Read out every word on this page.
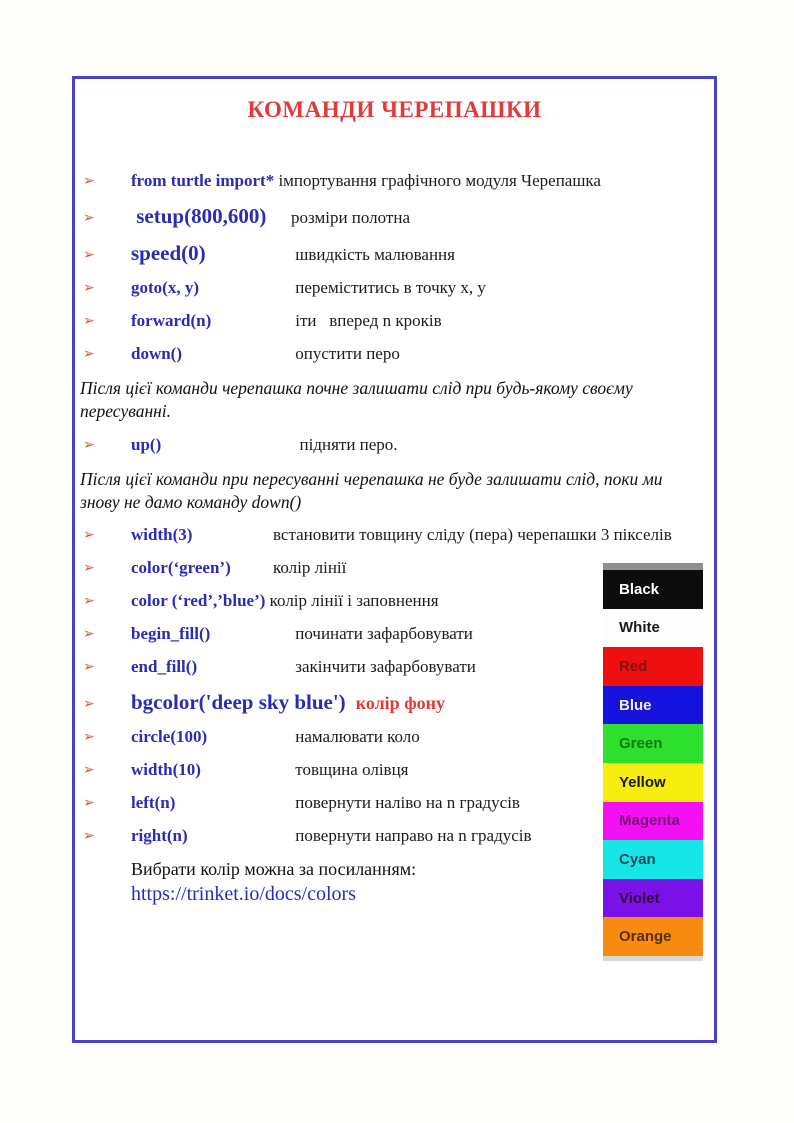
КОМАНДИ ЧЕРЕПАШКИ
➢	from turtle import* імпортування графічного модуля Черепашка
➢	setup(800,600)	розміри полотна
➢	speed(0)	швидкість малювання
➢	goto(x, y)	переміститись в точку x, y
➢	forward(n)	іти   вперед n кроків
➢	down()	опустити перо

Після цієї команди черепашка почне залишати слід при будь-якому своєму пересуванні.

➢	up()	підняти перо.

Після цієї команди при пересуванні черепашка не буде залишати слід, поки ми знову не дамо команду down()

➢	width(3)	встановити товщину сліду (пера) черепашки 3 пікселів
➢	color(‘green’)	колір лінії
➢	color (‘red’,’blue’) колір лінії і заповнення
➢	begin_fill()	починати зафарбовувати
➢	end_fill()	закінчити зафарбовувати
➢	bgcolor('deep sky blue') колір фону
➢	circle(100)	намалювати коло
➢	width(10)	товщина олівця
➢	left(n)	повернути наліво на n градусів
➢	right(n)	повернути направо на n градусів
Вибрати колір можна за посиланням:
https://trinket.io/docs/colors
Black
White
Red
Blue
Green
Yellow
Magenta
Cyan
Violet
Orange
